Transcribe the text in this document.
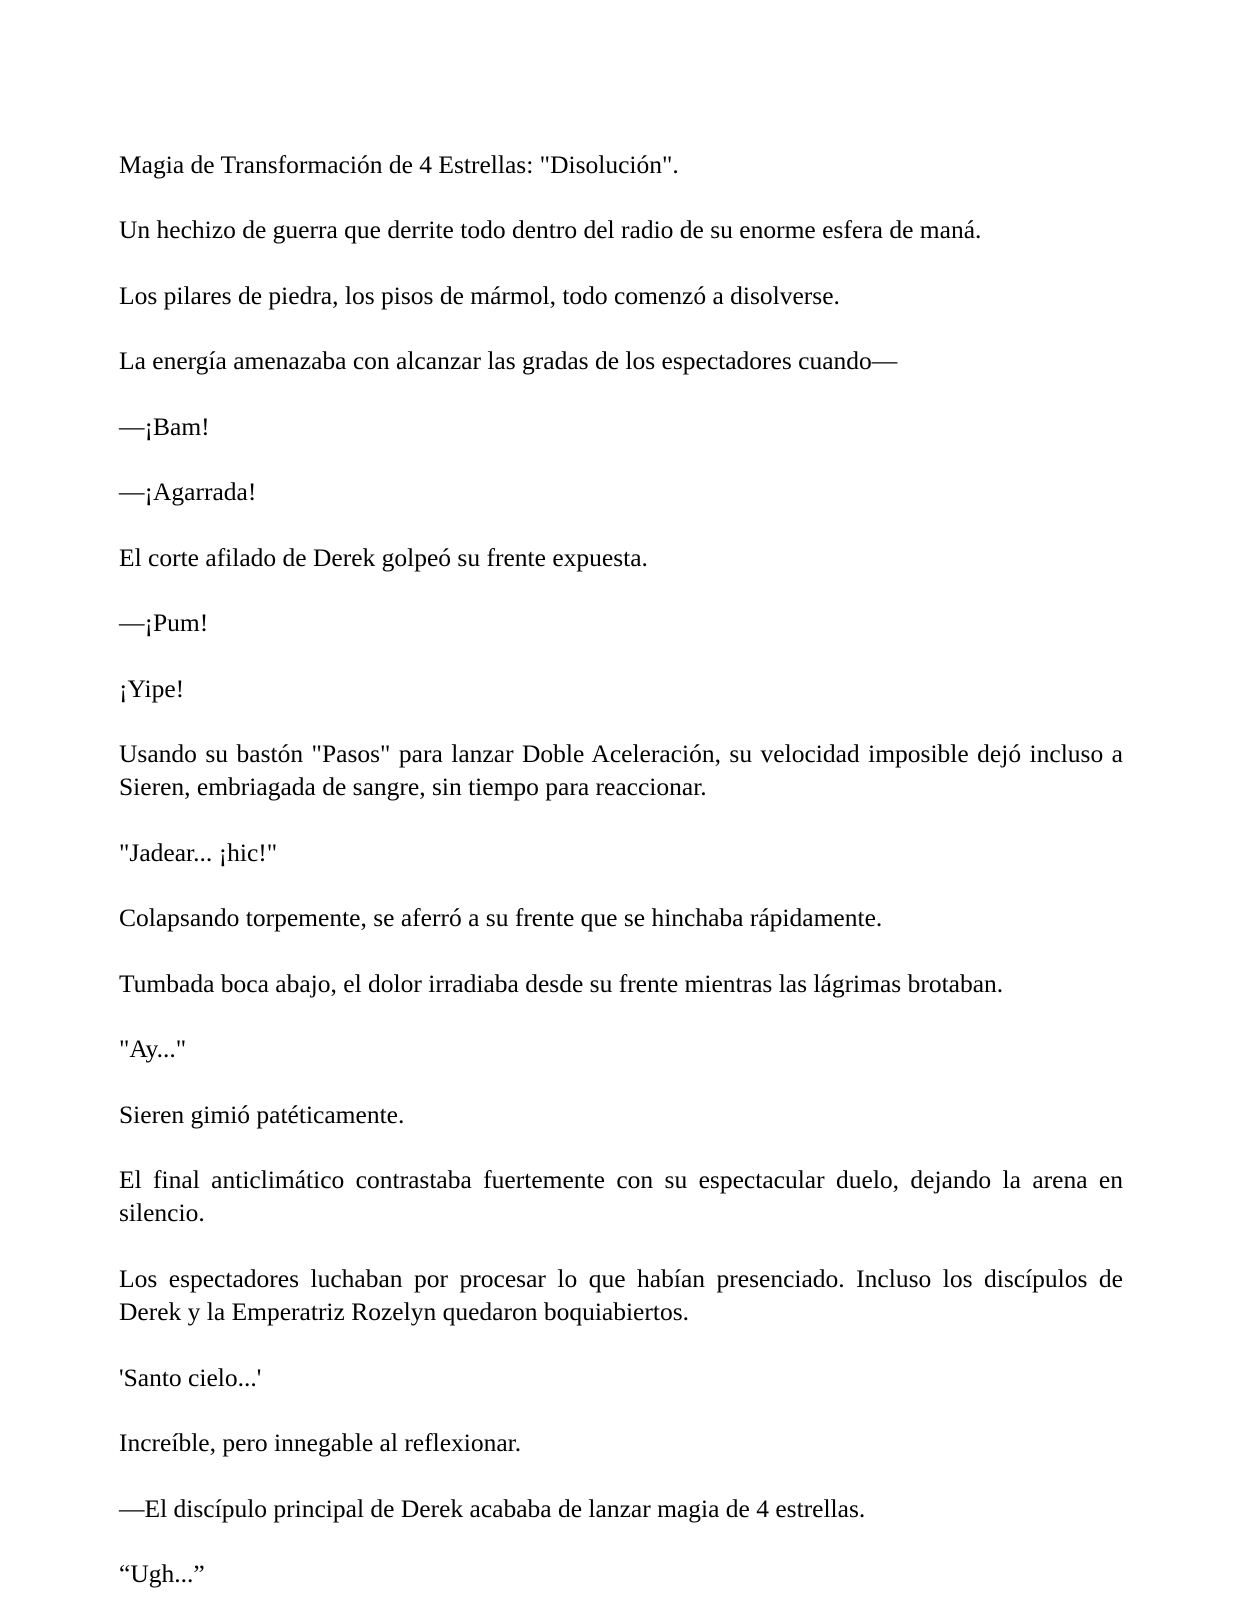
Magia de Transformación de 4 Estrellas: "Disolución".

Un hechizo de guerra que derrite todo dentro del radio de su enorme esfera de maná.

Los pilares de piedra, los pisos de mármol, todo comenzó a disolverse.

La energía amenazaba con alcanzar las gradas de los espectadores cuando—

—¡Bam!

—¡Agarrada!

El corte afilado de Derek golpeó su frente expuesta.

—¡Pum!

¡Yipe!

Usando su bastón "Pasos" para lanzar Doble Aceleración, su velocidad imposible dejó incluso a Sieren, embriagada de sangre, sin tiempo para reaccionar.

"Jadear... ¡hic!"

Colapsando torpemente, se aferró a su frente que se hinchaba rápidamente.

Tumbada boca abajo, el dolor irradiaba desde su frente mientras las lágrimas brotaban.

"Ay..."

Sieren gimió patéticamente.

El final anticlimático contrastaba fuertemente con su espectacular duelo, dejando la arena en silencio.

Los espectadores luchaban por procesar lo que habían presenciado. Incluso los discípulos de Derek y la Emperatriz Rozelyn quedaron boquiabiertos.

'Santo cielo...'

Increíble, pero innegable al reflexionar.

—El discípulo principal de Derek acababa de lanzar magia de 4 estrellas.

“Ugh...”
